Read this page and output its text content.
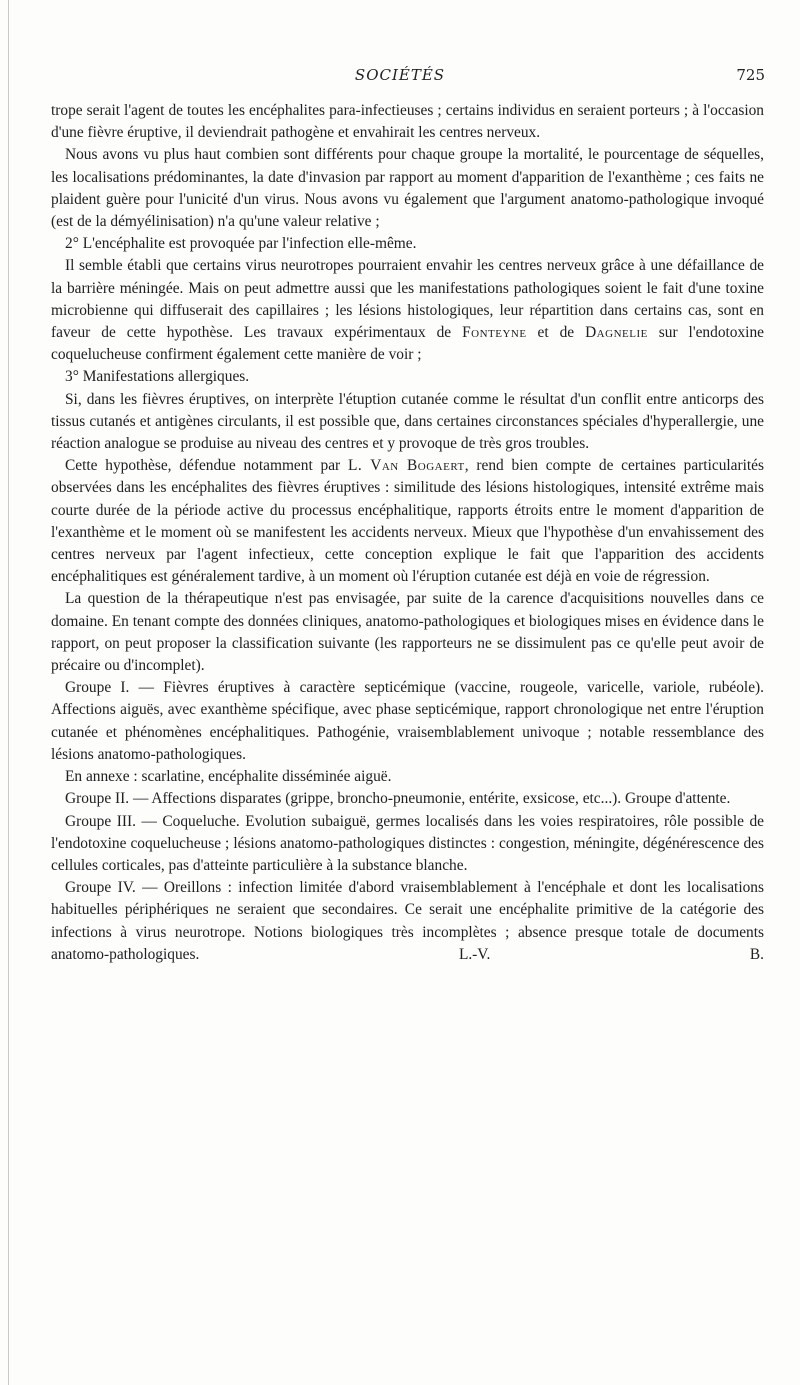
SOCIÉTÉS	725

trope serait l'agent de toutes les encéphalites para-infectieuses ; certains individus en seraient porteurs ; à l'occasion d'une fièvre éruptive, il deviendrait pathogène et envahirait les centres nerveux.

Nous avons vu plus haut combien sont différents pour chaque groupe la mortalité, le pourcentage de séquelles, les localisations prédominantes, la date d'invasion par rapport au moment d'apparition de l'exanthème ; ces faits ne plaident guère pour l'unicité d'un virus. Nous avons vu également que l'argument anatomo-pathologique invoqué (est de la démyélinisation) n'a qu'une valeur relative ;

2° L'encéphalite est provoquée par l'infection elle-même.

Il semble établi que certains virus neurotropes pourraient envahir les centres nerveux grâce à une défaillance de la barrière méningée. Mais on peut admettre aussi que les manifestations pathologiques soient le fait d'une toxine microbienne qui diffuserait des capillaires ; les lésions histologiques, leur répartition dans certains cas, sont en faveur de cette hypothèse. Les travaux expérimentaux de Fonteyne et de Dagnelie sur l'endotoxine coquelucheuse confirment également cette manière de voir ;

3° Manifestations allergiques.

Si, dans les fièvres éruptives, on interprète l'étuption cutanée comme le résultat d'un conflit entre anticorps des tissus cutanés et antigènes circulants, il est possible que, dans certaines circonstances spéciales d'hyperallergie, une réaction analogue se produise au niveau des centres et y provoque de très gros troubles.

Cette hypothèse, défendue notamment par L. Van Bogaert, rend bien compte de certaines particularités observées dans les encéphalites des fièvres éruptives : similitude des lésions histologiques, intensité extrême mais courte durée de la période active du processus encéphalitique, rapports étroits entre le moment d'apparition de l'exanthème et le moment où se manifestent les accidents nerveux. Mieux que l'hypothèse d'un envahissement des centres nerveux par l'agent infectieux, cette conception explique le fait que l'apparition des accidents encéphalitiques est généralement tardive, à un moment où l'éruption cutanée est déjà en voie de régression.

La question de la thérapeutique n'est pas envisagée, par suite de la carence d'acquisitions nouvelles dans ce domaine. En tenant compte des données cliniques, anatomo-pathologiques et biologiques mises en évidence dans le rapport, on peut proposer la classification suivante (les rapporteurs ne se dissimulent pas ce qu'elle peut avoir de précaire ou d'incomplet).

Groupe I. — Fièvres éruptives à caractère septicémique (vaccine, rougeole, varicelle, variole, rubéole). Affections aiguës, avec exanthème spécifique, avec phase septicémique, rapport chronologique net entre l'éruption cutanée et phénomènes encéphalitiques. Pathogénie, vraisemblablement univoque ; notable ressemblance des lésions anatomo-pathologiques.

En annexe : scarlatine, encéphalite disséminée aiguë.

Groupe II. — Affections disparates (grippe, broncho-pneumonie, entérite, exsicose, etc...). Groupe d'attente.

Groupe III. — Coqueluche. Evolution subaiguë, germes localisés dans les voies respiratoires, rôle possible de l'endotoxine coquelucheuse ; lésions anatomo-pathologiques distinctes : congestion, méningite, dégénérescence des cellules corticales, pas d'atteinte particulière à la substance blanche.

Groupe IV. — Oreillons : infection limitée d'abord vraisemblablement à l'encéphale et dont les localisations habituelles périphériques ne seraient que secondaires. Ce serait une encéphalite primitive de la catégorie des infections à virus neurotrope. Notions biologiques très incomplètes ; absence presque totale de documents anatomo-pathologiques.	L.-V. B.
